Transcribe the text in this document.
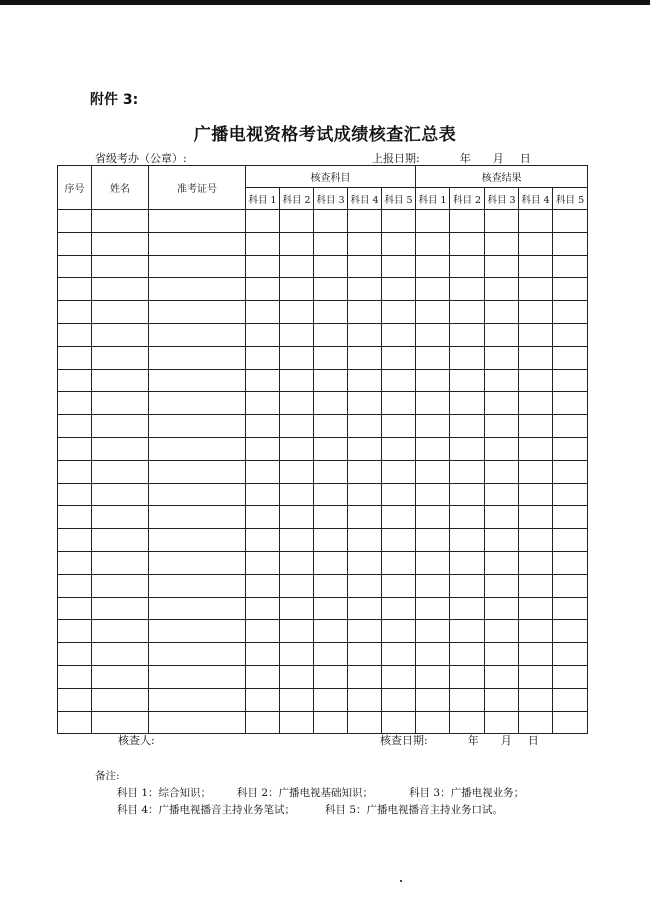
附件 3:
广播电视资格考试成绩核查汇总表
省级考办（公章）:	上报日期:	年 月 日
序号	姓名	准考证号	核查科目					核查结果				
			科目 1	科目 2	科目 3	科目 4	科目 5	科目 1	科目 2	科目 3	科目 4	科目 5

核查人:	核查日期:	年 月 日
备注:
科目 1：综合知识； 科目 2：广播电视基础知识；	科目 3：广播电视业务；
科目 4：广播电视播音主持业务笔试；	科目 5：广播电视播音主持业务口试。
